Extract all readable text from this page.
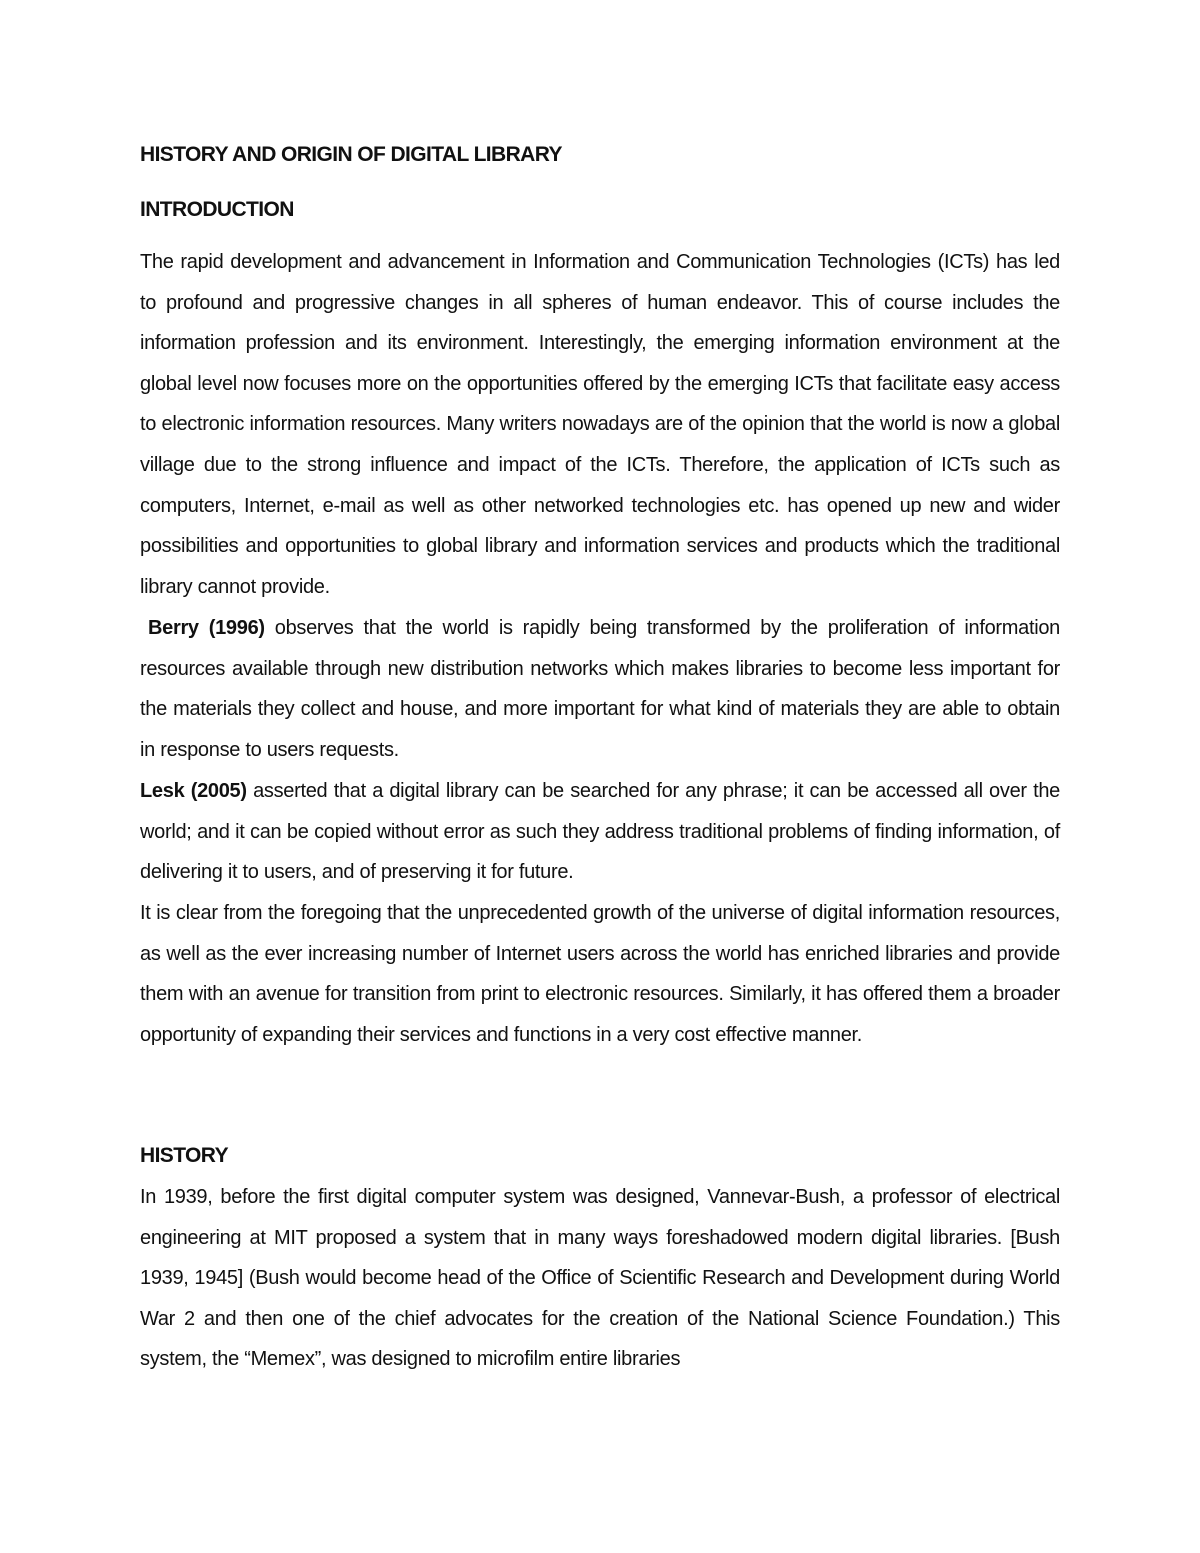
HISTORY AND ORIGIN OF DIGITAL LIBRARY
INTRODUCTION

The rapid development and advancement in Information and Communication Technologies (ICTs) has led to profound and progressive changes in all spheres of human endeavor. This of course includes the information profession and its environment. Interestingly, the emerging information environment at the global level now focuses more on the opportunities offered by the emerging ICTs that facilitate easy access to electronic information resources. Many writers nowadays are of the opinion that the world is now a global village due to the strong influence and impact of the ICTs. Therefore, the application of ICTs such as computers, Internet, e-mail as well as other networked technologies etc. has opened up new and wider possibilities and opportunities to global library and information services and products which the traditional library cannot provide.

Berry (1996) observes that the world is rapidly being transformed by the proliferation of information resources available through new distribution networks which makes libraries to become less important for the materials they collect and house, and more important for what kind of materials they are able to obtain in response to users requests.

Lesk (2005) asserted that a digital library can be searched for any phrase; it can be accessed all over the world; and it can be copied without error as such they address traditional problems of finding information, of delivering it to users, and of preserving it for future.

It is clear from the foregoing that the unprecedented growth of the universe of digital information resources, as well as the ever increasing number of Internet users across the world has enriched libraries and provide them with an avenue for transition from print to electronic resources. Similarly, it has offered them a broader opportunity of expanding their services and functions in a very cost effective manner.

HISTORY

In 1939, before the first digital computer system was designed, Vannevar-Bush, a professor of electrical engineering at MIT proposed a system that in many ways foreshadowed modern digital libraries. [Bush 1939, 1945] (Bush would become head of the Office of Scientific Research and Development during World War 2 and then one of the chief advocates for the creation of the National Science Foundation.) This system, the “Memex”, was designed to microfilm entire libraries
